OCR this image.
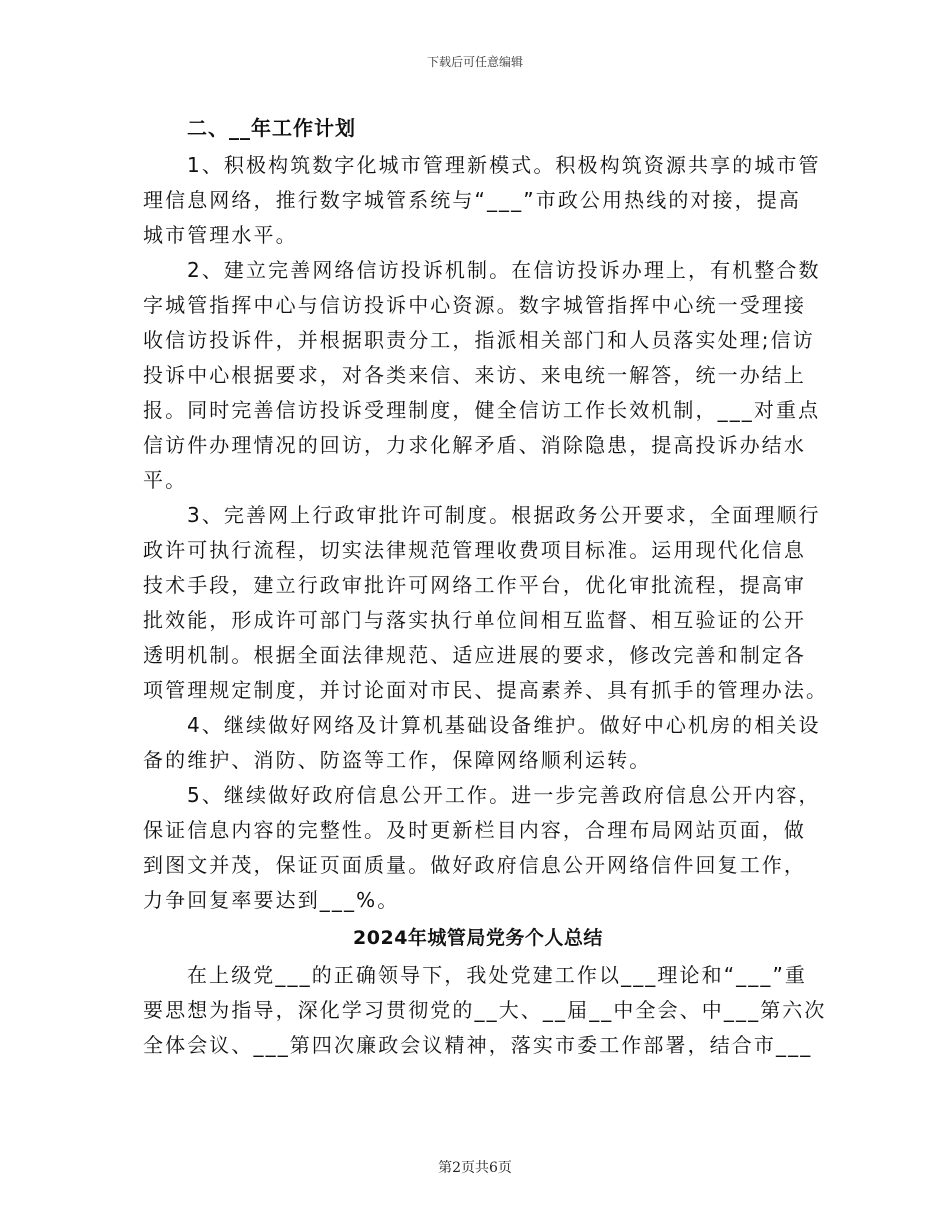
下载后可任意编辑
二、__年工作计划
1、积极构筑数字化城市管理新模式。积极构筑资源共享的城市管
理信息网络，推行数字城管系统与“___”市政公用热线的对接，提高
城市管理水平。
2、建立完善网络信访投诉机制。在信访投诉办理上，有机整合数
字城管指挥中心与信访投诉中心资源。数字城管指挥中心统一受理接
收信访投诉件，并根据职责分工，指派相关部门和人员落实处理;信访
投诉中心根据要求，对各类来信、来访、来电统一解答，统一办结上
报。同时完善信访投诉受理制度，健全信访工作长效机制，___对重点
信访件办理情况的回访，力求化解矛盾、消除隐患，提高投诉办结水
平。
3、完善网上行政审批许可制度。根据政务公开要求，全面理顺行
政许可执行流程，切实法律规范管理收费项目标准。运用现代化信息
技术手段，建立行政审批许可网络工作平台，优化审批流程，提高审
批效能，形成许可部门与落实执行单位间相互监督、相互验证的公开
透明机制。根据全面法律规范、适应进展的要求，修改完善和制定各
项管理规定制度，并讨论面对市民、提高素养、具有抓手的管理办法。
4、继续做好网络及计算机基础设备维护。做好中心机房的相关设
备的维护、消防、防盗等工作，保障网络顺利运转。
5、继续做好政府信息公开工作。进一步完善政府信息公开内容，
保证信息内容的完整性。及时更新栏目内容，合理布局网站页面，做
到图文并茂，保证页面质量。做好政府信息公开网络信件回复工作，
力争回复率要达到___%。
2024年城管局党务个人总结
在上级党___的正确领导下，我处党建工作以___理论和“___”重
要思想为指导，深化学习贯彻党的__大、__届__中全会、中___第六次
全体会议、___第四次廉政会议精神，落实市委工作部署，结合市___
第2页共6页
